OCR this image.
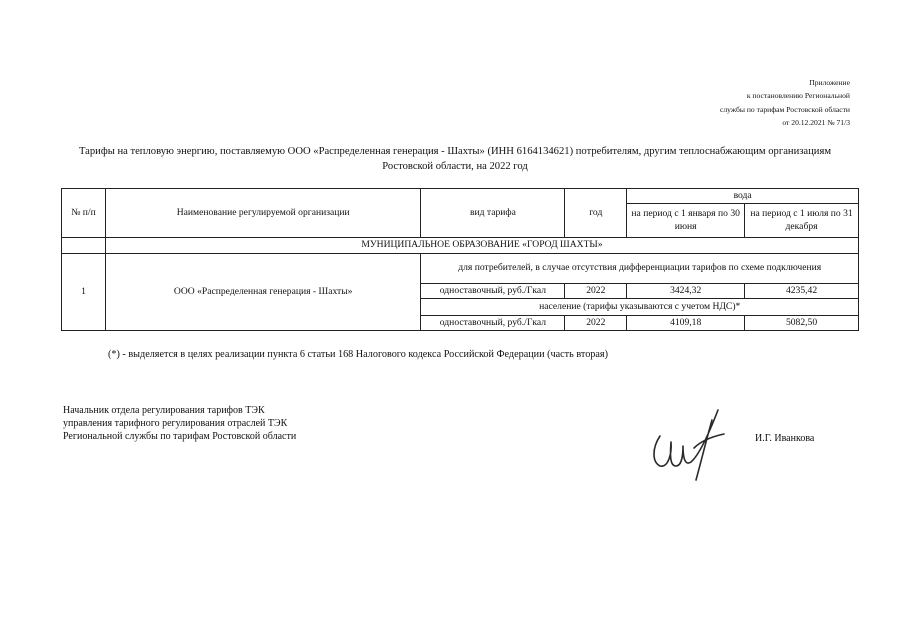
Приложение
к постановлению Региональной
службы по тарифам Ростовской области
от 20.12.2021 № 71/3
Тарифы на тепловую энергию, поставляемую ООО «Распределенная генерация - Шахты» (ИНН 6164134621) потребителям, другим теплоснабжающим организациям Ростовской области, на 2022 год
№ п/п	Наименование регулируемой организации	вид тарифа	год	вода	
				на период с 1 января по 30 июня	на период с 1 июля по 31 декабря
	МУНИЦИПАЛЬНОЕ ОБРАЗОВАНИЕ «ГОРОД ШАХТЫ»				
1	ООО «Распределенная генерация - Шахты»	для потребителей, в случае отсутствия дифференциации тарифов по схеме подключения			
		одноставочный, руб./Гкал	2022	3424,32	4235,42
		население (тарифы указываются с учетом НДС)*			
		одноставочный, руб./Гкал	2022	4109,18	5082,50
(*) - выделяется в целях реализации пункта 6 статьи 168 Налогового кодекса Российской Федерации (часть вторая)
Начальник отдела регулирования тарифов ТЭК
управления тарифного регулирования отраслей ТЭК
Региональной службы по тарифам Ростовской области	И.Г. Иванкова
